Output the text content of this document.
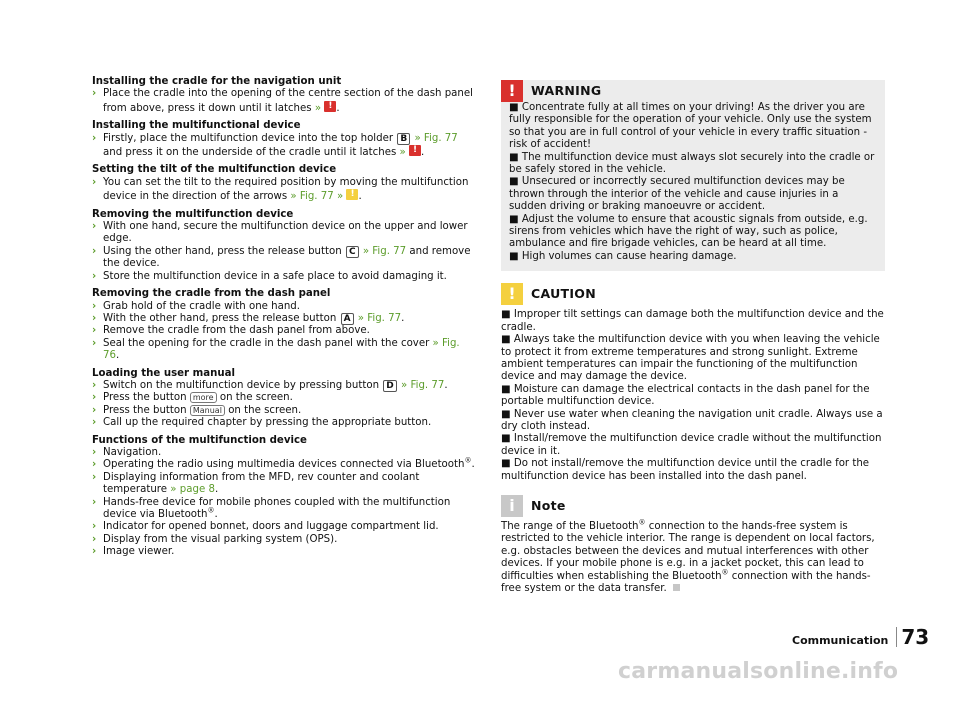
Installing the cradle for the navigation unit
› Place the cradle into the opening of the centre section of the dash panel from above, press it down until it latches » ! .
Installing the multifunctional device
› Firstly, place the multifunction device into the top holder B » Fig. 77 and press it on the underside of the cradle until it latches » ! .
Setting the tilt of the multifunction device
› You can set the tilt to the required position by moving the multifunction device in the direction of the arrows » Fig. 77 » ! .
Removing the multifunction device
› With one hand, secure the multifunction device on the upper and lower edge.
› Using the other hand, press the release button C » Fig. 77 and remove the device.
› Store the multifunction device in a safe place to avoid damaging it.
Removing the cradle from the dash panel
› Grab hold of the cradle with one hand.
› With the other hand, press the release button A » Fig. 77.
› Remove the cradle from the dash panel from above.
› Seal the opening for the cradle in the dash panel with the cover » Fig. 76.
Loading the user manual
› Switch on the multifunction device by pressing button D » Fig. 77.
› Press the button more on the screen.
› Press the button Manual on the screen.
› Call up the required chapter by pressing the appropriate button.
Functions of the multifunction device
› Navigation.
› Operating the radio using multimedia devices connected via Bluetooth®.
› Displaying information from the MFD, rev counter and coolant temperature » page 8.
› Hands-free device for mobile phones coupled with the multifunction device via Bluetooth®.
› Indicator for opened bonnet, doors and luggage compartment lid.
› Display from the visual parking system (OPS).
› Image viewer.
!	WARNING

■ Concentrate fully at all times on your driving! As the driver you are fully responsible for the operation of your vehicle. Only use the system so that you are in full control of your vehicle in every traffic situation - risk of accident!

■ The multifunction device must always slot securely into the cradle or be safely stored in the vehicle.

■ Unsecured or incorrectly secured multifunction devices may be thrown through the interior of the vehicle and cause injuries in a sudden driving or braking manoeuvre or accident.

■ Adjust the volume to ensure that acoustic signals from outside, e.g. sirens from vehicles which have the right of way, such as police, ambulance and fire brigade vehicles, can be heard at all time.

■ High volumes can cause hearing damage.

!	CAUTION

■ Improper tilt settings can damage both the multifunction device and the cradle.

■ Always take the multifunction device with you when leaving the vehicle to protect it from extreme temperatures and strong sunlight. Extreme ambient temperatures can impair the functioning of the multifunction device and may damage the device.

■ Moisture can damage the electrical contacts in the dash panel for the portable multifunction device.

■ Never use water when cleaning the navigation unit cradle. Always use a dry cloth instead.

■ Install/remove the multifunction device cradle without the multifunction device in it.

■ Do not install/remove the multifunction device until the cradle for the multifunction device has been installed into the dash panel.

i	Note

The range of the Bluetooth® connection to the hands-free system is restricted to the vehicle interior. The range is dependent on local factors, e.g. obstacles between the devices and mutual interferences with other devices. If your mobile phone is e.g. in a jacket pocket, this can lead to difficulties when establishing the Bluetooth® connection with the hands-free system or the data transfer.

Communication 73
carmanualsonline.info
